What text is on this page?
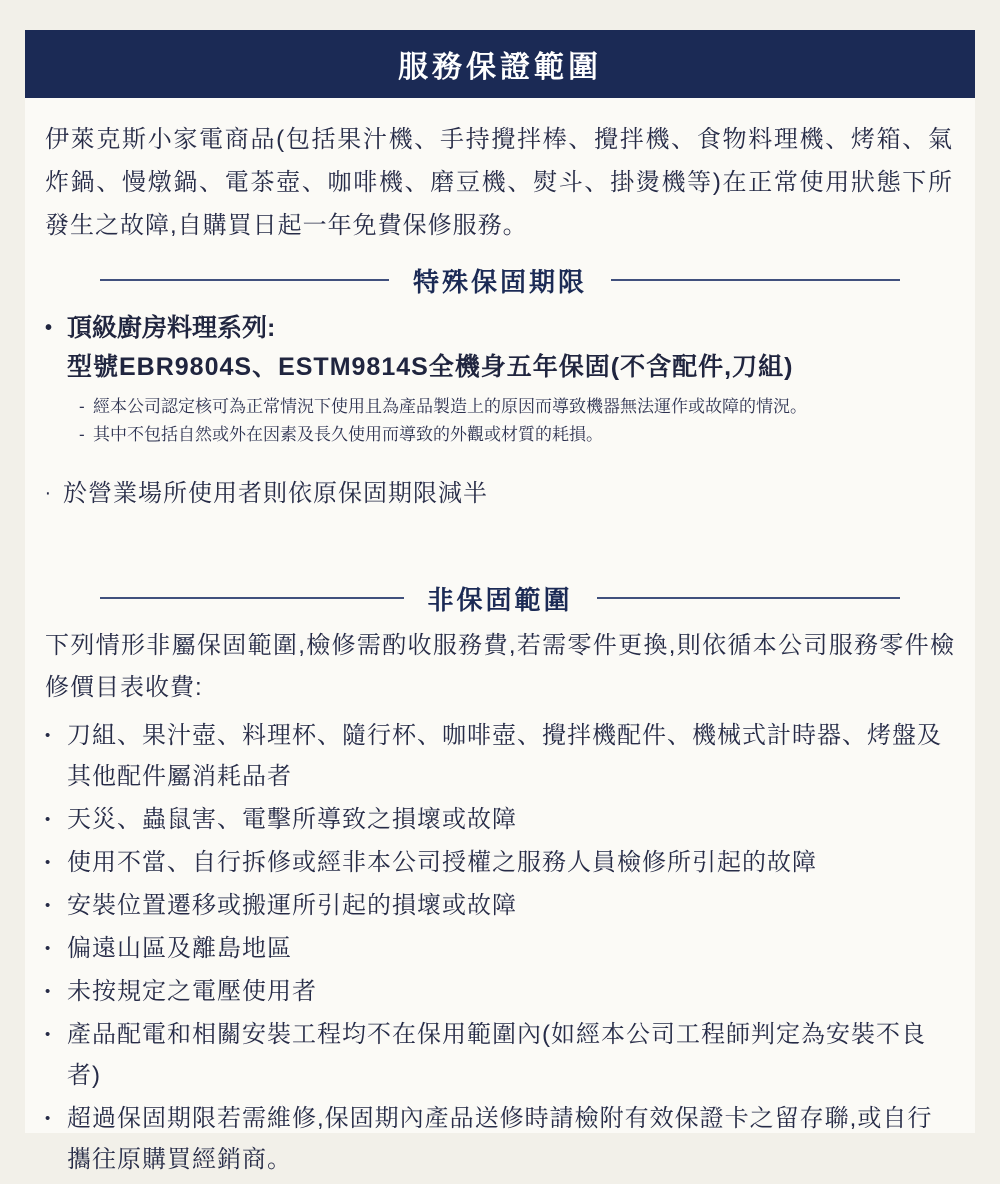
服務保證範圍

伊萊克斯小家電商品(包括果汁機、手持攪拌棒、攪拌機、食物料理機、烤箱、氣炸鍋、慢燉鍋、電茶壺、咖啡機、磨豆機、熨斗、掛燙機等)在正常使用狀態下所發生之故障,自購買日起一年免費保修服務。

特殊保固期限
• 頂級廚房料理系列:
型號EBR9804S、ESTM9814S全機身五年保固(不含配件,刀組)
- 經本公司認定核可為正常情況下使用且為產品製造上的原因而導致機器無法運作或故障的情況。
- 其中不包括自然或外在因素及長久使用而導致的外觀或材質的耗損。
‧ 於營業場所使用者則依原保固期限減半
非保固範圍

下列情形非屬保固範圍,檢修需酌收服務費,若需零件更換,則依循本公司服務零件檢修價目表收費:

• 刀組、果汁壺、料理杯、隨行杯、咖啡壺、攪拌機配件、機械式計時器、烤盤及其他配件屬消耗品者
• 天災、蟲鼠害、電擊所導致之損壞或故障
• 使用不當、自行拆修或經非本公司授權之服務人員檢修所引起的故障
• 安裝位置遷移或搬運所引起的損壞或故障
• 偏遠山區及離島地區
• 未按規定之電壓使用者
• 產品配電和相關安裝工程均不在保用範圍內(如經本公司工程師判定為安裝不良者)
• 超過保固期限若需維修,保固期內產品送修時請檢附有效保證卡之留存聯,或自行攜往原購買經銷商。
